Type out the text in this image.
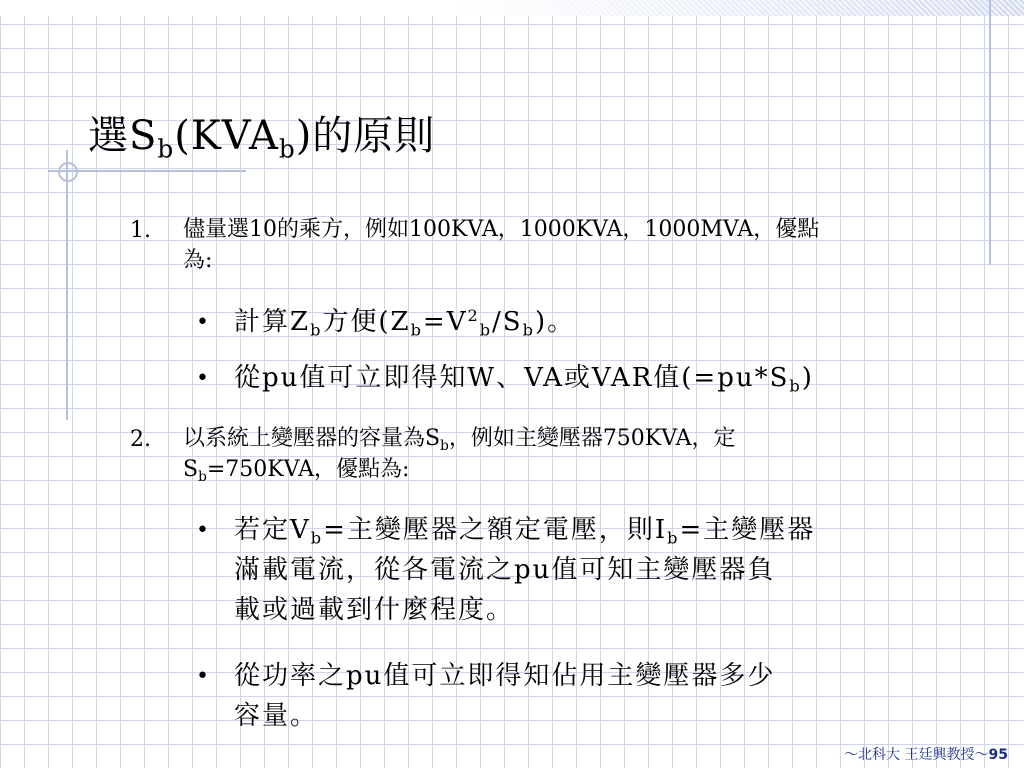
選$S_b(KVA_b)$的原則
1. 儘量選10的乘方，例如100KVA，1000KVA，1000MVA，優點
為:
• 計算$Z_b$方便$(Z_b=V^2_b/S_b)$。
• 從pu值可立即得知W、VA或VAR值$(=pu*S_b)$
2. 以系統上變壓器的容量為$S_b$，例如主變壓器750KVA，定
$S_b=750KVA$，優點為:
• 若定$V_b=$主變壓器之額定電壓，則$I_b=$主變壓器
滿載電流，從各電流之pu值可知主變壓器負
載或過載到什麼程度。
• 從功率之pu值可立即得知佔用主變壓器多少
容量。
～北科大 王廷興教授～95
